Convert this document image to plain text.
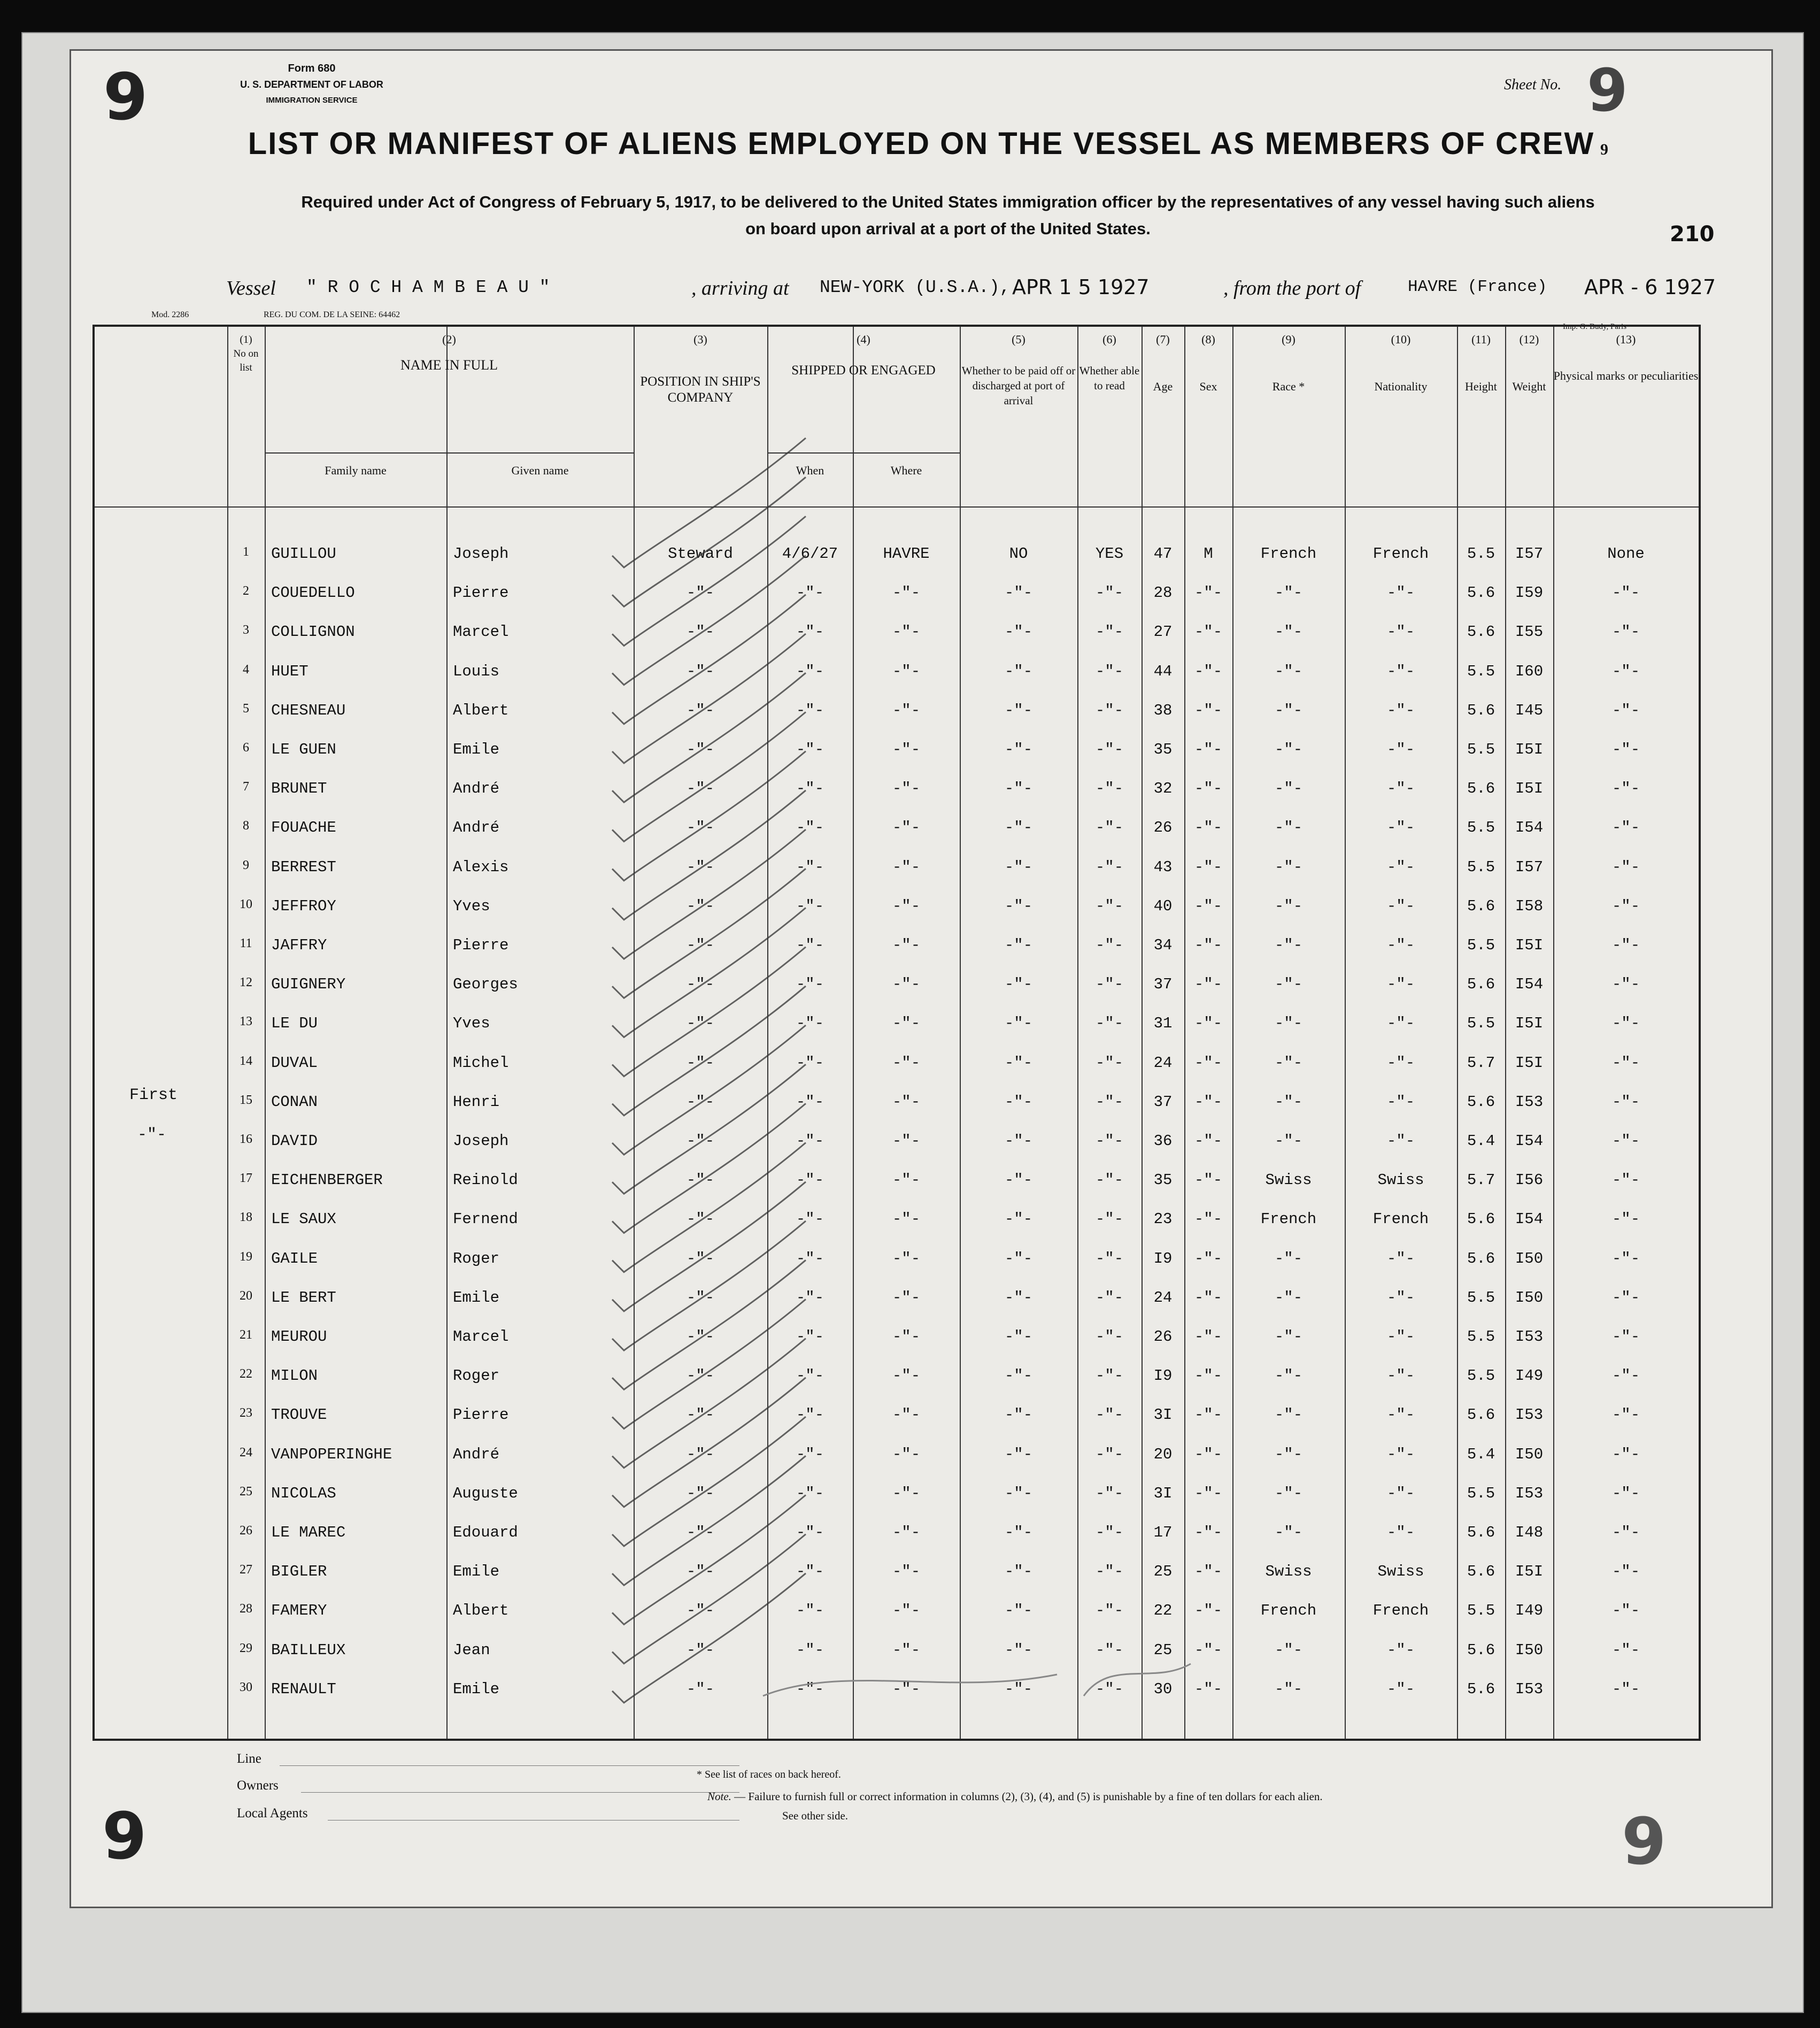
9	Form 680
U. S. DEPARTMENT OF LABOR
IMMIGRATION SERVICE
Sheet No. 9
9
LIST OR MANIFEST OF ALIENS EMPLOYED ON THE VESSEL AS MEMBERS OF CREW
Required under Act of Congress of February 5, 1917, to be delivered to the United States immigration officer by the representatives of any vessel having such aliens
on board upon arrival at a port of the United States.	210
Vessel " R O C H A M B E A U "	, arriving at NEW-YORK (U.S.A.), APR 1 5 1927	, from the port of	HAVRE (France) APR - 6 1927
Mod. 2286	REG. DU COM. DE LA SEINE: 64462
Imp. G. Budy, Paris
(1)
No on list
(2)
NAME IN FULL
Family name	Given name
(3)
POSITION IN SHIP'S COMPANY
(4)
SHIPPED OR ENGAGED
When	Where
(5)
Whether to be paid off or discharged at port of arrival
(6)
Whether able to read
(7)
Age
(8)
Sex
(9)
Race *
(10)
Nationality
(11)
Height
(12)
Weight
(13)
Physical marks or peculiarities
First
-"-
1	GUILLOU	Joseph	Steward	4/6/27	HAVRE	NO	YES	47	M	French	French	5.5	I57	None
2	COUEDELLO	Pierre	-"-	-"-	-"-	-"-	-"-	28	-"-	-"-	-"-	5.6	I59	-"-
3	COLLIGNON	Marcel	-"-	-"-	-"-	-"-	-"-	27	-"-	-"-	-"-	5.6	I55	-"-
4	HUET	Louis	-"-	-"-	-"-	-"-	-"-	44	-"-	-"-	-"-	5.5	I60	-"-
5	CHESNEAU	Albert	-"-	-"-	-"-	-"-	-"-	38	-"-	-"-	-"-	5.6	I45	-"-
6	LE GUEN	Emile	-"-	-"-	-"-	-"-	-"-	35	-"-	-"-	-"-	5.5	I5I	-"-
7	BRUNET	André	-"-	-"-	-"-	-"-	-"-	32	-"-	-"-	-"-	5.6	I5I	-"-
8	FOUACHE	André	-"-	-"-	-"-	-"-	-"-	26	-"-	-"-	-"-	5.5	I54	-"-
9	BERREST	Alexis	-"-	-"-	-"-	-"-	-"-	43	-"-	-"-	-"-	5.5	I57	-"-
10	JEFFROY	Yves	-"-	-"-	-"-	-"-	-"-	40	-"-	-"-	-"-	5.6	I58	-"-
11	JAFFRY	Pierre	-"-	-"-	-"-	-"-	-"-	34	-"-	-"-	-"-	5.5	I5I	-"-
12	GUIGNERY	Georges	-"-	-"-	-"-	-"-	-"-	37	-"-	-"-	-"-	5.6	I54	-"-
13	LE DU	Yves	-"-	-"-	-"-	-"-	-"-	31	-"-	-"-	-"-	5.5	I5I	-"-
14	DUVAL	Michel	-"-	-"-	-"-	-"-	-"-	24	-"-	-"-	-"-	5.7	I5I	-"-
15	CONAN	Henri	-"-	-"-	-"-	-"-	-"-	37	-"-	-"-	-"-	5.6	I53	-"-
16	DAVID	Joseph	-"-	-"-	-"-	-"-	-"-	36	-"-	-"-	-"-	5.4	I54	-"-
17	EICHENBERGER	Reinold	-"-	-"-	-"-	-"-	-"-	35	-"-	Swiss	Swiss	5.7	I56	-"-
18	LE SAUX	Fernend	-"-	-"-	-"-	-"-	-"-	23	-"-	French	French	5.6	I54	-"-
19	GAILE	Roger	-"-	-"-	-"-	-"-	-"-	I9	-"-	-"-	-"-	5.6	I50	-"-
20	LE BERT	Emile	-"-	-"-	-"-	-"-	-"-	24	-"-	-"-	-"-	5.5	I50	-"-
21	MEUROU	Marcel	-"-	-"-	-"-	-"-	-"-	26	-"-	-"-	-"-	5.5	I53	-"-
22	MILON	Roger	-"-	-"-	-"-	-"-	-"-	I9	-"-	-"-	-"-	5.5	I49	-"-
23	TROUVE	Pierre	-"-	-"-	-"-	-"-	-"-	3I	-"-	-"-	-"-	5.6	I53	-"-
24	VANPOPERINGHE	André	-"-	-"-	-"-	-"-	-"-	20	-"-	-"-	-"-	5.4	I50	-"-
25	NICOLAS	Auguste	-"-	-"-	-"-	-"-	-"-	3I	-"-	-"-	-"-	5.5	I53	-"-
26	LE MAREC	Edouard	-"-	-"-	-"-	-"-	-"-	17	-"-	-"-	-"-	5.6	I48	-"-
27	BIGLER	Emile	-"-	-"-	-"-	-"-	-"-	25	-"-	Swiss	Swiss	5.6	I5I	-"-
28	FAMERY	Albert	-"-	-"-	-"-	-"-	-"-	22	-"-	French	French	5.5	I49	-"-
29	BAILLEUX	Jean	-"-	-"-	-"-	-"-	-"-	25	-"-	-"-	-"-	5.6	I50	-"-
30	RENAULT	Emile	-"-	-"-	-"-	-"-	-"-	30	-"-	-"-	-"-	5.6	I53	-"-
Line
Owners
Local Agents
* See list of races on back hereof.
Note. — Failure to furnish full or correct information in columns (2), (3), (4), and (5) is punishable by a fine of ten dollars for each alien.
See other side.
9	9
